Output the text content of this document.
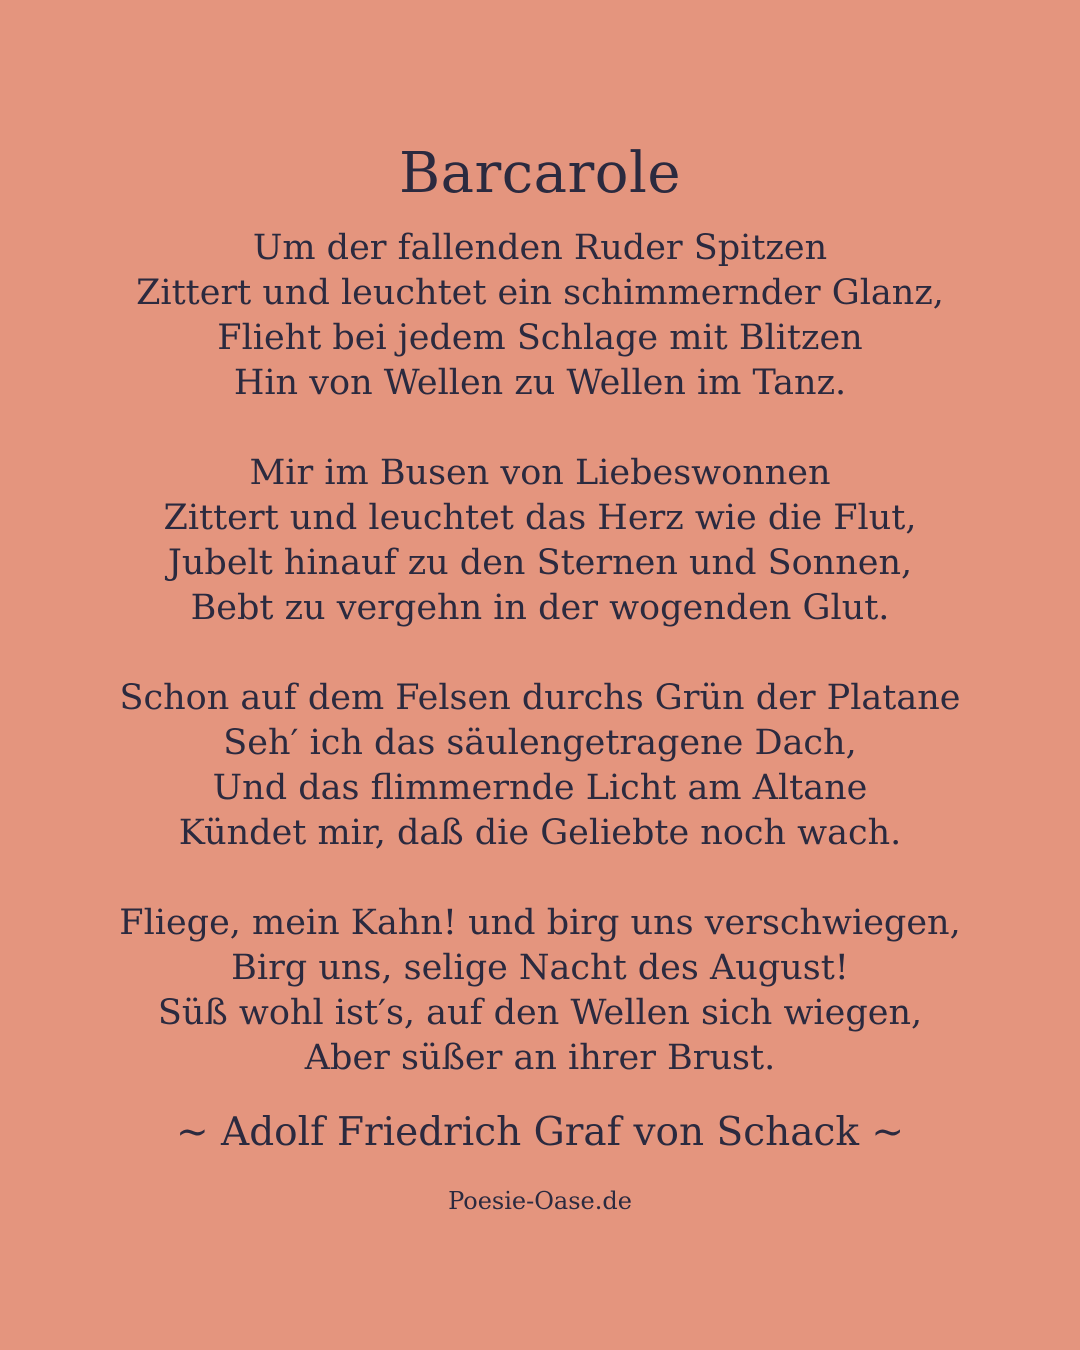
Barcarole
Um der fallenden Ruder Spitzen
Zittert und leuchtet ein schimmernder Glanz,
Flieht bei jedem Schlage mit Blitzen
Hin von Wellen zu Wellen im Tanz.
Mir im Busen von Liebeswonnen
Zittert und leuchtet das Herz wie die Flut,
Jubelt hinauf zu den Sternen und Sonnen,
Bebt zu vergehn in der wogenden Glut.
Schon auf dem Felsen durchs Grün der Platane
Seh′ ich das säulengetragene Dach,
Und das flimmernde Licht am Altane
Kündet mir, daß die Geliebte noch wach.
Fliege, mein Kahn! und birg uns verschwiegen,
Birg uns, selige Nacht des August!
Süß wohl ist′s, auf den Wellen sich wiegen,
Aber süßer an ihrer Brust.
~ Adolf Friedrich Graf von Schack ~
Poesie-Oase.de
